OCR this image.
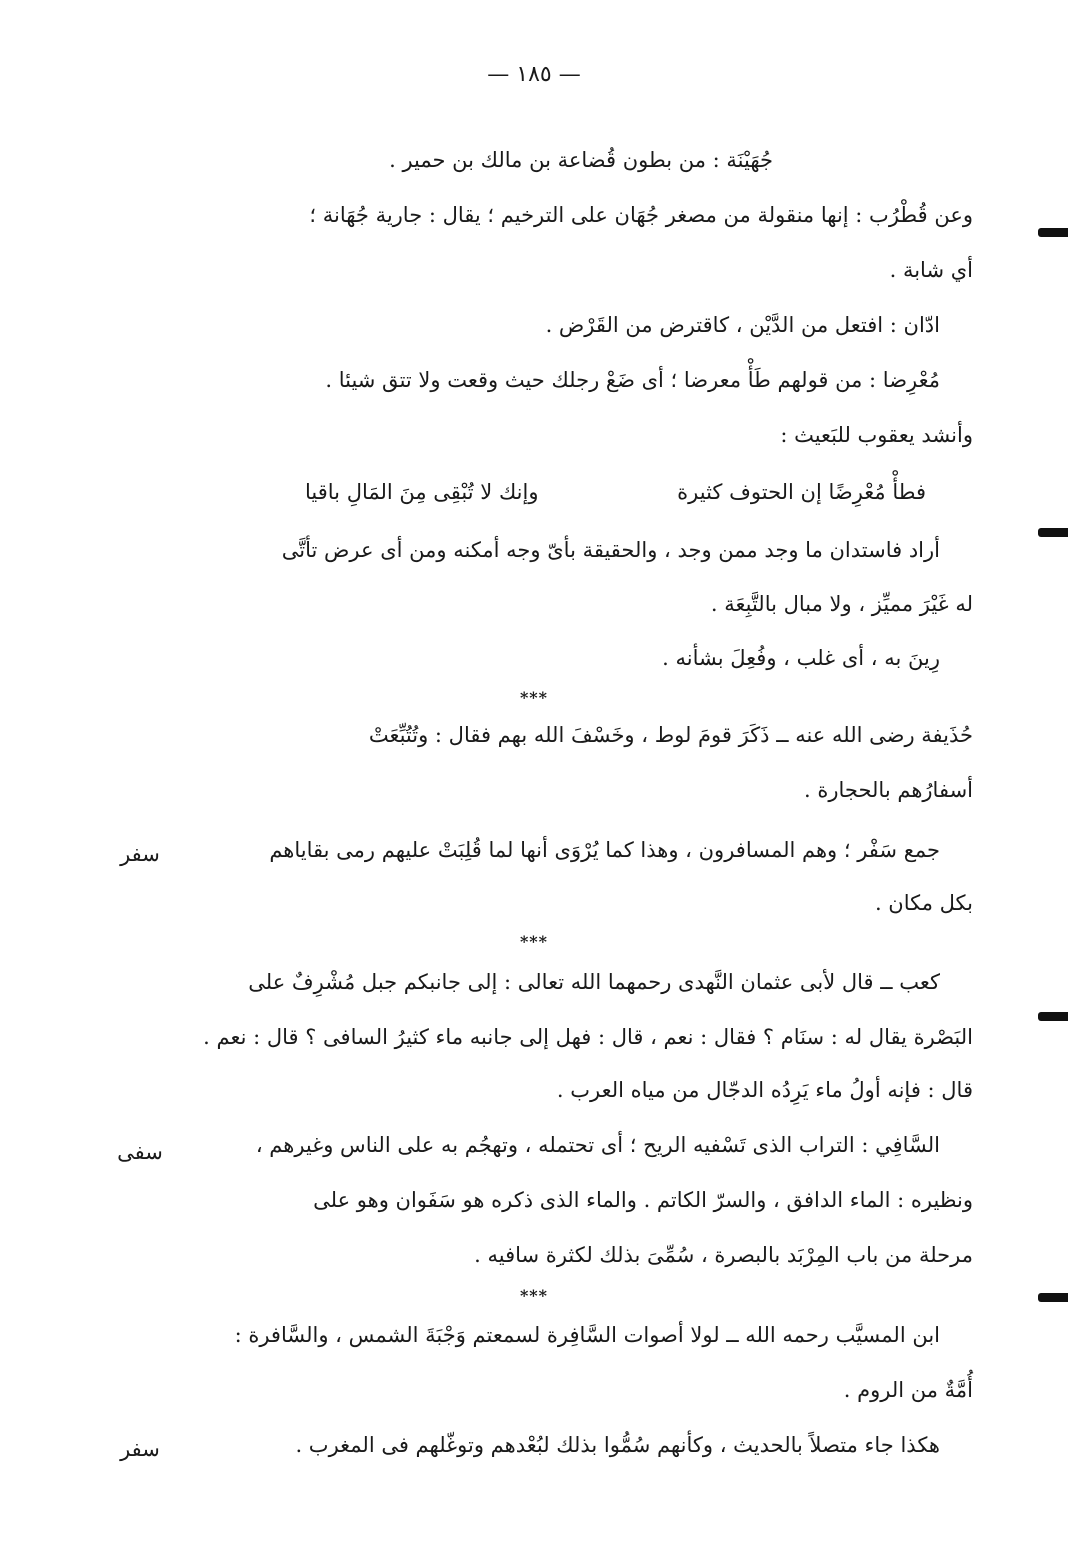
— ١٨٥ —
جُهَيْنَة : من بطون قُضاعة بن مالك بن حمير .
وعن قُطْرُب : إنها منقولة من مصغر جُهَان على الترخيم ؛ يقال : جارية جُهَانة ؛
أي شابة .
ادّان : افتعل من الدَّيْن ، كاقترض من القَرْض .
مُعْرِضا : من قولهم طَأْ معرضا ؛ أى ضَعْ رجلك حيث وقعت ولا تتق شيئا .
وأنشد يعقوب للبَعيث :
فطأْ مُعْرِضًا إن الحتوف كثيرة
وإنك لا تُبْقِى مِنَ المَالِ باقيا
أراد فاستدان ما وجد ممن وجد ، والحقيقة بأىّ وجه أمكنه ومن أى عرض تأتَّى
له غَيْرَ مميِّز ، ولا مبال بالتَّبِعَة .
رِينَ به ، أى غلب ، وفُعِلَ بشأنه .
***
حُذَيفة رضى الله عنه ــ ذَكَرَ قومَ لوط ، وخَسْفَ الله بهم فقال : وتُتُبِّعَتْ
أسفارُهم بالحجارة .
جمع سَفْر ؛ وهم المسافرون ، وهذا كما يُرْوَى أنها لما قُلِبَتْ عليهم رمى بقاياهم
سفر
بكل مكان .
***
كعب ــ قال لأبى عثمان النَّهدى رحمهما الله تعالى : إلى جانبكم جبل مُشْرِفٌ على
البَصْرة يقال له : سنَام ؟ فقال : نعم ، قال : فهل إلى جانبه ماء كثيرُ السافى ؟ قال : نعم .
قال : فإنه أولُ ماء يَرِدُه الدجّال من مياه العرب .
السَّافِي : التراب الذى تَسْفيه الريح ؛ أى تحتمله ، وتهجُم به على الناس وغيرهم ،
سفى
ونظيره : الماء الدافق ، والسرّ الكاتم . والماء الذى ذكره هو سَفَوان وهو على
مرحلة من باب المِرْبَد بالبصرة ، سُمِّىَ بذلك لكثرة سافيه .
***
ابن المسيَّب رحمه الله ــ لولا أصوات السَّافِرة لسمعتم وَجْبَةَ الشمس ، والسَّافرة :
أُمَّةٌ من الروم .
هكذا جاء متصلاً بالحديث ، وكأنهم سُمُّوا بذلك لبُعْدهم وتوغّلهم فى المغرب .
سفر
